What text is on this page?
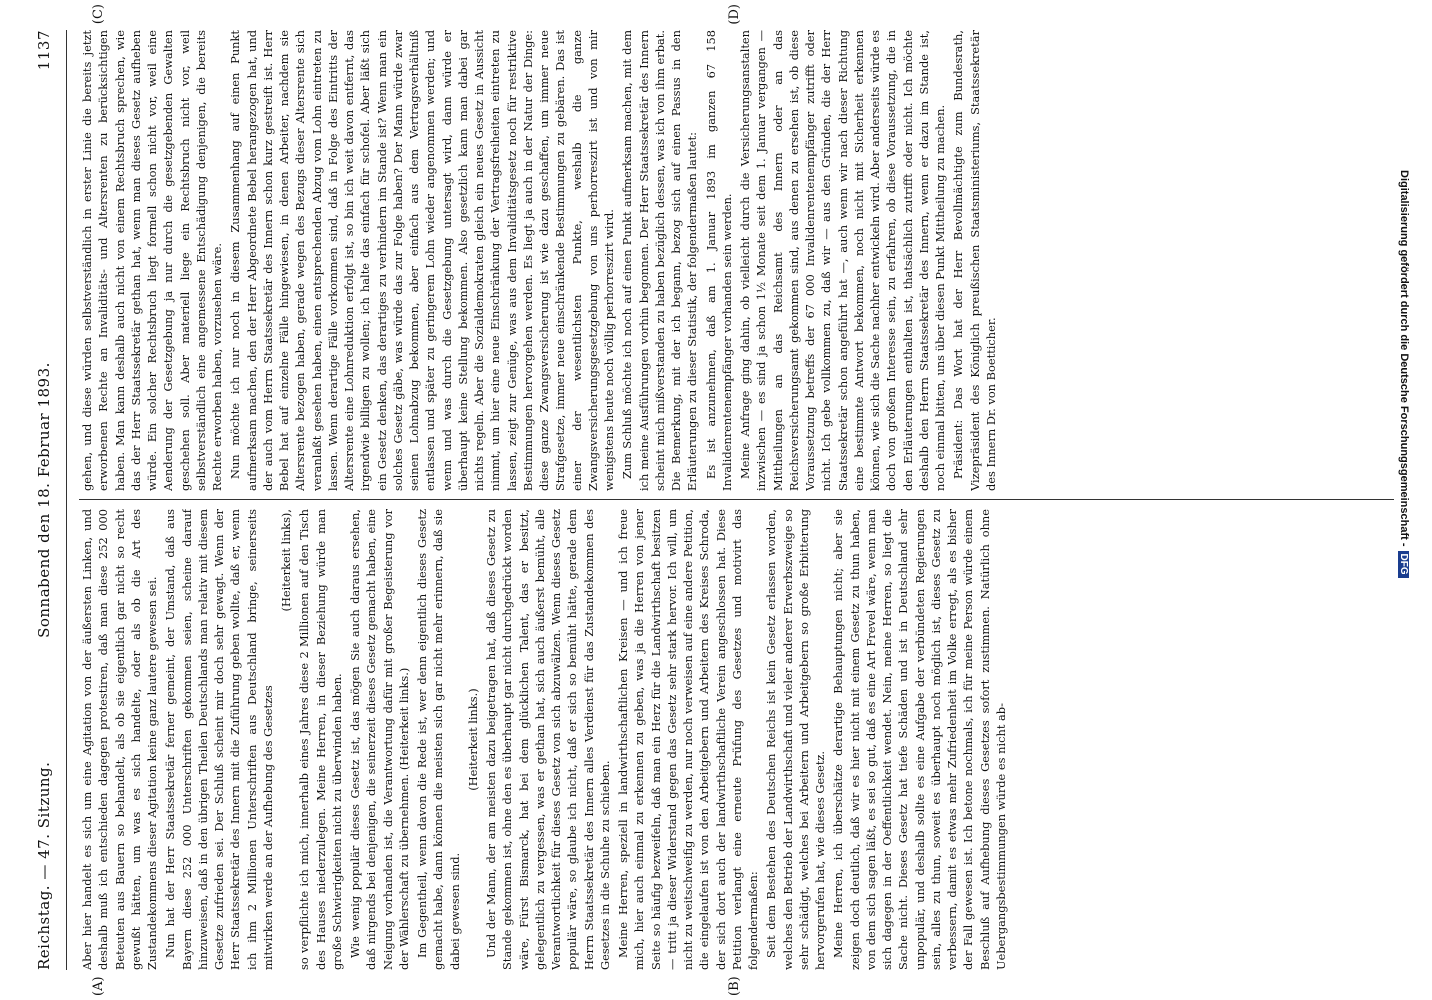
Reichstag. — 47. Sitzung.
Sonnabend den 18. Februar 1893.
1137

Aber hier handelt es sich um eine Agitation von der äußersten Linken, und deshalb muß ich entschieden dagegen protestiren, daß man diese 252 000 Beteuten aus Bauern so behandelt, als ob sie eigentlich gar nicht so recht gewußt hätten, um was es sich handelte, oder als ob die Art des Zustandekommens dieser Agitation keine ganz lautere gewesen sei. Nun hat der Herr Staatssekretär ferner gemeint, der Umstand, daß aus Bayern diese 252 000 Unterschriften gekommen seien, scheine darauf hinzuweisen, daß in den übrigen Theilen Deutschlands man relativ mit diesem Gesetze zufrieden sei. Der Schluß scheint mir doch sehr gewagt. Wenn der Herr Staatssekretär des Innern mit die Zuführung geben wollte, daß er, wenn ich ihm 2 Millionen Unterschriften aus Deutschland bringe, seinerseits mitwirken werde an der Aufhebung des Gesetzes

(Heiterkeit links), so verpflichte ich mich, innerhalb eines Jahres diese 2 Millionen auf den Tisch des Hauses niederzulegen. Meine Herren, in dieser Beziehung würde man große Schwierigkeiten nicht zu überwinden haben. Wie wenig populär dieses Gesetz ist, das mögen Sie auch daraus ersehen, daß nirgends bei denjenigen, die seinerzeit dieses Gesetz gemacht haben, eine Neigung vorhanden ist, die Verantwortung dafür mit großer Begeisterung vor der Wählerschaft zu übernehmen. (Heiterkeit links.) Im Gegentheil, wenn davon die Rede ist, wer denn eigentlich dieses Gesetz gemacht habe, dann können die meisten sich gar nicht mehr erinnern, daß sie dabei gewesen sind.

(Heiterkeit links.) Und der Mann, der am meisten dazu beigetragen hat, daß dieses Gesetz zu Stande gekommen ist, ohne den es überhaupt gar nicht durchgedrückt worden wäre, Fürst Bismarck, hat bei dem glücklichen Talent, das er besitzt, gelegentlich zu vergessen, was er gethan hat, sich auch äußerst bemüht, alle Verantwortlichkeit für dieses Gesetz von sich abzuwälzen. Wenn dieses Gesetz populär wäre, so glaube ich nicht, daß er sich so bemüht hätte, gerade dem Herrn Staatssekretär des Innern alles Verdienst für das Zustandekommen des Gesetzes in die Schuhe zu schieben. Meine Herren, speziell in landwirthschaftlichen Kreisen — und ich freue mich, hier auch einmal zu erkennen zu geben, was ja die Herren von jener Seite so häufig bezweifeln, daß man ein Herz für die Landwirthschaft besitzen — tritt ja dieser Widerstand gegen das Gesetz sehr stark hervor. Ich will, um nicht zu weitschweifig zu werden, nur noch verweisen auf eine andere Petition, die eingelaufen ist von den Arbeitgebern und Arbeitern des Kreises Schroda, der sich dort auch der landwirthschaftliche Verein angeschlossen hat. Diese Petition verlangt eine erneute Prüfung des Gesetzes und motivirt das folgendermaßen: Seit dem Bestehen des Deutschen Reichs ist kein Gesetz erlassen worden, welches den Betrieb der Landwirthschaft und vieler anderer Erwerbszweige so sehr schädigt, welches bei Arbeitern und Arbeitgebern so große Erbitterung hervorgerufen hat, wie dieses Gesetz. Meine Herren, ich überschätze derartige Behauptungen nicht; aber sie zeigen doch deutlich, daß wir es hier nicht mit einem Gesetz zu thun haben, von dem sich sagen läßt, es sei so gut, daß es eine Art Frevel wäre, wenn man sich dagegen in der Oeffentlichkeit wendet. Nein, meine Herren, so liegt die Sache nicht. Dieses Gesetz hat tiefe Schäden und ist in Deutschland sehr unpopulär, und deshalb sollte es eine Aufgabe der verbündeten Regierungen sein, alles zu thun, soweit es überhaupt noch möglich ist, dieses Gesetz zu verbessern, damit es etwas mehr Zufriedenheit im Volke erregt, als es bisher der Fall gewesen ist. Ich betone nochmals, ich für meine Person würde einem Beschluß auf Aufhebung dieses Gesetzes sofort zustimmen. Natürlich ohne Uebergangsbestimmungen würde es nicht ab-

gehen, und diese würden selbstverständlich in erster Linie die bereits jetzt erworbenen Rechte an Invaliditäts- und Altersrenten zu berücksichtigen haben. Man kann deshalb auch nicht von einem Rechtsbruch sprechen, wie das der Herr Staatssekretär gethan hat, wenn man dieses Gesetz aufheben würde. Ein solcher Rechtsbruch liegt formell schon nicht vor, weil eine Aenderung der Gesetzgebung ja nur durch die gesetzgebenden Gewalten geschehen soll. Aber materiell liege ein Rechtsbruch nicht vor, weil selbstverständlich eine angemessene Entschädigung denjenigen, die bereits Rechte erworben haben, vorzusehen wäre. Nun möchte ich nur noch in diesem Zusammenhang auf einen Punkt aufmerksam machen, den der Herr Abgeordnete Bebel herangezogen hat, und der auch vom Herrn Staatssekretär des Innern schon kurz gestreift ist. Herr Bebel hat auf einzelne Fälle hingewiesen, in denen Arbeiter, nachdem sie Altersrente bezogen haben, gerade wegen des Bezugs dieser Altersrente sich veranlaßt gesehen haben, einen entsprechenden Abzug vom Lohn eintreten zu lassen. Wenn derartige Fälle vorkommen sind, daß in Folge des Eintritts der Altersrente eine Lohnreduktion erfolgt ist, so bin ich weit davon entfernt, das irgendwie billigen zu wollen; ich halte das einfach für schofel. Aber läßt sich ein Gesetz denken, das derartiges zu verhindern im Stande ist? Wenn man ein solches Gesetz gäbe, was würde das zur Folge haben? Der Mann würde zwar seinen Lohnabzug bekommen, aber einfach aus dem Vertragsverhältniß entlassen und später zu geringerem Lohn wieder angenommen werden; und wenn und was durch die Gesetzgebung untersagt wird, dann würde er überhaupt keine Stellung bekommen. Also gesetzlich kann man dabei gar nichts regeln. Aber die Sozialdemokraten gleich ein neues Gesetz in Aussicht nimmt, um hier eine neue Einschränkung der Vertragsfreiheiten eintreten zu lassen, zeigt zur Genüge, was aus dem Invaliditätsgesetz noch für restriktive Bestimmungen hervorgehen werden. Es liegt ja auch in der Natur der Dinge: diese ganze Zwangsversicherung ist wie dazu geschaffen, um immer neue Strafgesetze, immer neue einschränkende Bestimmungen zu gebären. Das ist einer der wesentlichsten Punkte, weshalb die ganze Zwangsversicherungsgesetzgebung von uns perhorreszirt ist und von mir wenigstens heute noch völlig perhorreszirt wird. Zum Schluß möchte ich noch auf einen Punkt aufmerksam machen, mit dem ich meine Ausführungen vorhin begonnen. Der Herr Staatssekretär des Innern scheint mich mißverstanden zu haben bezüglich dessen, was ich von ihm erbat. Die Bemerkung, mit der ich begann, bezog sich auf einen Passus in den Erläuterungen zu dieser Statistik, der folgendermaßen lautet: Es ist anzunehmen, daß am 1. Januar 1893 im ganzen 67 158 Invalidenrentenempfänger vorhanden sein werden. Meine Anfrage ging dahin, ob vielleicht durch die Versicherungsanstalten inzwischen — es sind ja schon 1½ Monate seit dem 1. Januar vergangen — Mittheilungen an das Reichsamt des Innern oder an das Reichsversicherungsamt gekommen sind, aus denen zu ersehen ist, ob diese Voraussetzung betreffs der 67 000 Invalidenrentenempfänger zutrifft oder nicht. Ich gebe vollkommen zu, daß wir — aus den Gründen, die der Herr Staatssekretär schon angeführt hat —, auch wenn wir nach dieser Richtung eine bestimmte Antwort bekommen, noch nicht mit Sicherheit erkennen können, wie sich die Sache nachher entwickeln wird. Aber anderseits würde es doch von großem Interesse sein, zu erfahren, ob diese Voraussetzung, die in den Erläuterungen enthalten ist, thatsächlich zutrifft oder nicht. Ich möchte deshalb den Herrn Staatssekretär des Innern, wenn er dazu im Stande ist, noch einmal bitten, uns über diesen Punkt Mittheilung zu machen. Präsident: Das Wort hat der Herr Bevollmächtigte zum Bundesrath, Vizepräsident des Königlich preußischen Staatsministeriums, Staatssekretär des Innern Dr. von Boetticher.

(A)	(B)
(C)	(D)
Digitalisierung gefördert durch die Deutsche Forschungsgemeinschaft -DFG
